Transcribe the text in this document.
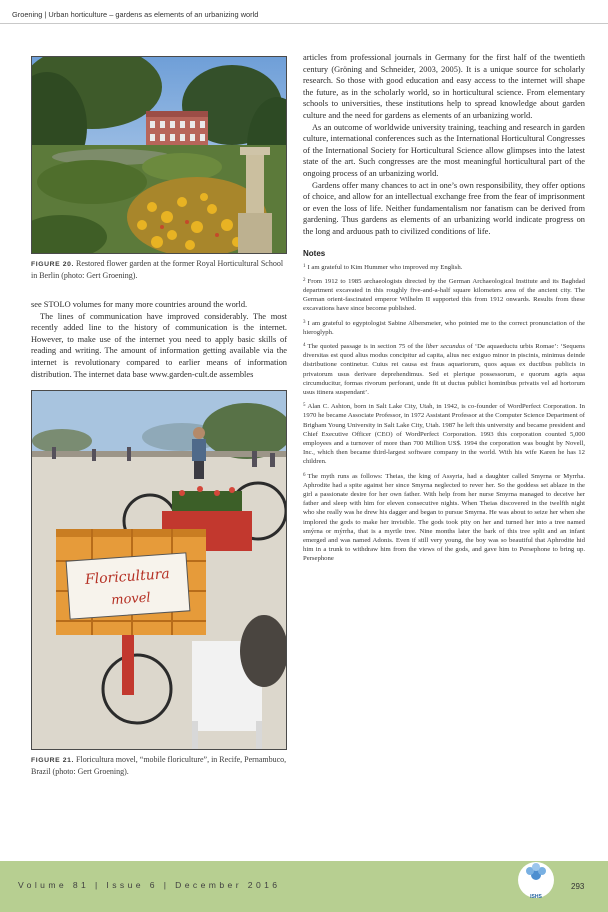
Groening | Urban horticulture – gardens as elements of an urbanizing world
FIGURE 20. Restored flower garden at the former Royal Horticultural School in Berlin (photo: Gert Groening).

see STOLO volumes for many more countries around the world.

The lines of communication have improved considerably. The most recently added line to the history of communication is the internet. However, to make use of the internet you need to apply basic skills of reading and writing. The amount of information getting available via the internet is revolutionary compared to earlier means of information distribution. The internet data base www.garden-cult.de assembles

Floricultura
movel
FIGURE 21. Floricultura movel, “mobile floriculture”, in Recife, Pernambuco, Brazil (photo: Gert Groening).

articles from professional journals in Germany for the first half of the twentieth century (Gröning and Schneider, 2003, 2005). It is a unique source for scholarly research. So those with good education and easy access to the internet will shape the future, as in the scholarly world, so in horticultural science. From elementary schools to universities, these institutions help to spread knowledge about garden culture and the need for gardens as elements of an urbanizing world.

As an outcome of worldwide university training, teaching and research in garden culture, international conferences such as the International Horticultural Congresses of the International Society for Horticultural Science allow glimpses into the latest state of the art. Such congresses are the most meaningful horticultural part of the ongoing process of an urbanizing world.

Gardens offer many chances to act in one’s own responsibility, they offer options of choice, and allow for an intellectual exchange free from the fear of imprisonment or even the loss of life. Neither fundamentalism nor fanatism can be derived from gardening. Thus gardens as elements of an urbanizing world indicate progress on the long and arduous path to civilized conditions of life.

Notes
$^1$ I am grateful to Kim Hummer who improved my English.
$^2$ From 1912 to 1985 archaeologists directed by the German Archaeological Institute and its Baghdad department excavated in this roughly five-and-a-half square kilometers area of the ancient city. The German orient-fascinated emperor Wilhelm II supported this from 1912 onwards. Results from these excavations have since become published.
$^3$ I am grateful to egyptologist Sabine Albersmeier, who pointed me to the correct pronunciation of the hieroglyph.
$^4$ The quoted passage is in section 75 of the liber secundus of ‘De aquaeductu urbis Romae’: ‘Sequens diversitas est quod alius modus concipitur ad capita, alius nec exiguo minor in piscinis, minimus deinde distributione continetur. Cuius rei causa est fraus aquariorum, quos aquas ex ductibus publicis in privatorum usus derivare deprehendimus. Sed et plerique possessorum, e quorum agris aqua circumducitur, formas rivorum perforant, unde fit ut ductus publici hominibus privatis vel ad hortorum usus itinera suspendant’.
$^5$ Alan C. Ashton, born in Salt Lake City, Utah, in 1942, is co-founder of WordPerfect Corporation. In 1970 he became Associate Professor, in 1972 Assistant Professor at the Computer Science Department of Brigham Young University in Salt Lake City, Utah. 1987 he left this university and became president and Chief Executive Officer (CEO) of WordPerfect Corporation. 1993 this corporation counted 5,000 employees and a turnover of more than 700 Million US$. 1994 the corporation was bought by Novell, Inc., which then became third-largest software company in the world. With his wife Karen he has 12 children.
$^6$ The myth runs as follows: Theias, the king of Assyria, had a daughter called Smyrna or Myrrha. Aphrodite had a spite against her since Smyrna neglected to rever her. So the goddess set ablaze in the girl a passionate desire for her own father. With help from her nurse Smyrna managed to deceive her father and sleep with him for eleven consecutive nights. When Theias discovered in the twelfth night who she really was he drew his dagger and began to pursue Smyrna. He was about to seize her when she implored the gods to make her invisible. The gods took pity on her and turned her into a tree named smýrna or mýrrha, that is a myrtle tree. Nine months later the bark of this tree split and an infant emerged and was named Adonis. Even if still very young, the boy was so beautiful that Aphrodite hid him in a trunk to withdraw him from the views of the gods, and gave him to Persephone to bring up. Persephone
Volume 81 | Issue 6 | December 2016
ISHS
293
